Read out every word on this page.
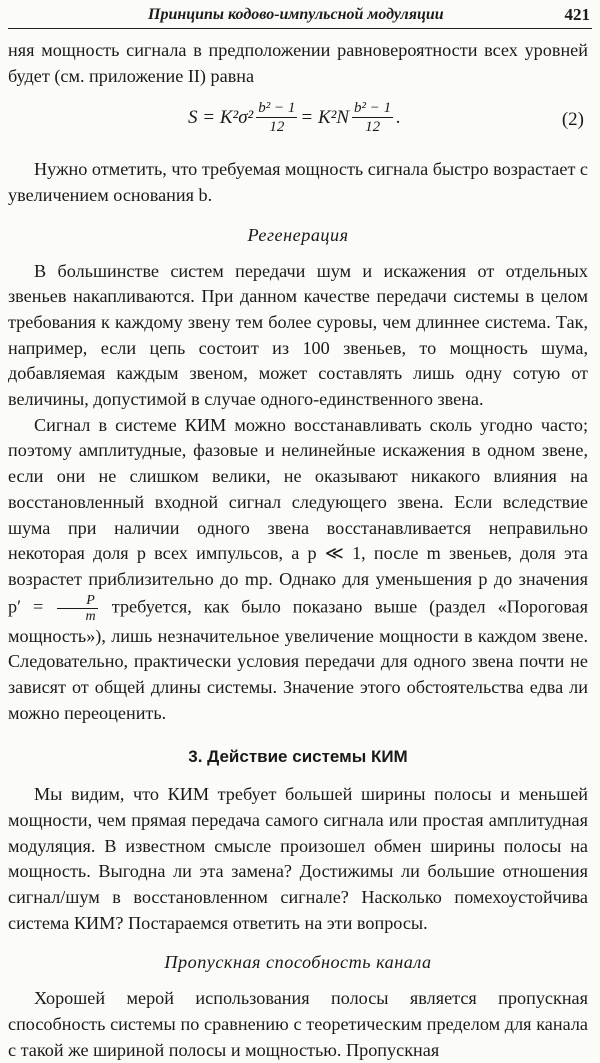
Принципы кодово-импульсной модуляции	421

няя мощность сигнала в предположении равновероятности всех уровней будет (см. приложение II) равна

$S = K^2\sigma^2 \frac{\text{b² − 1}}{12} = K^2N \frac{\text{b² − 1}}{12}$ .	(2)

Нужно отметить, что требуемая мощность сигнала быстро возрастает с увеличением основания b.

Регенерация

В большинстве систем передачи шум и искажения от отдельных звеньев накапливаются. При данном качестве передачи системы в целом требования к каждому звену тем более суровы, чем длиннее система. Так, например, если цепь состоит из 100 звеньев, то мощность шума, добавляемая каждым звеном, может составлять лишь одну сотую от величины, допустимой в случае одного-единственного звена.

Сигнал в системе КИМ можно восстанавливать сколь угодно часто; поэтому амплитудные, фазовые и нелинейные искажения в одном звене, если они не слишком велики, не оказывают никакого влияния на восстановленный входной сигнал следующего звена. Если вследствие шума при наличии одного звена восстанавливается неправильно некоторая доля p всех импульсов, а p ≪ 1, после m звеньев, доля эта возрастет приблизительно до mp. Однако для уменьшения p до значения $p' = \frac{P}{m}$ требуется, как было показано выше (раздел «Пороговая мощность»), лишь незначительное увеличение мощности в каждом звене. Следовательно, практически условия передачи для одного звена почти не зависят от общей длины системы. Значение этого обстоятельства едва ли можно переоценить.

3. Действие системы КИМ

Мы видим, что КИМ требует большей ширины полосы и меньшей мощности, чем прямая передача самого сигнала или простая амплитудная модуляция. В известном смысле произошел обмен ширины полосы на мощность. Выгодна ли эта замена? Достижимы ли большие отношения сигнал/шум в восстановленном сигнале? Насколько помехоустойчива система КИМ? Постараемся ответить на эти вопросы.

Пропускная способность канала

Хорошей мерой использования полосы является пропускная способность системы по сравнению с теоретическим пределом для канала с такой же шириной полосы и мощностью. Пропускная
